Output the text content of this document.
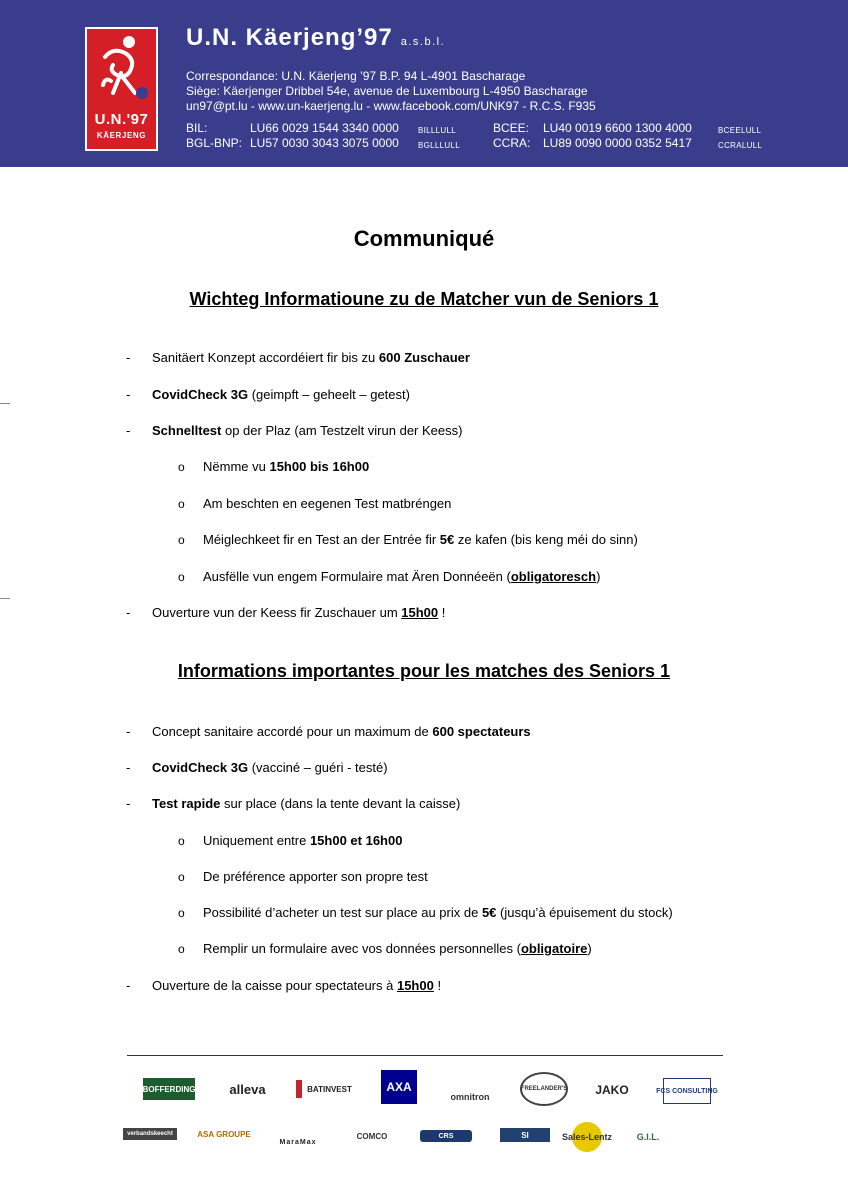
U.N.'97
KÄERJENG
U.N. Käerjeng’97 a.s.b.l.
Correspondance: U.N. Käerjeng ’97 B.P. 94 L-4901 Bascharage
Siège: Käerjenger Dribbel 54e, avenue de Luxembourg L-4950 Bascharage
un97@pt.lu - www.un-kaerjeng.lu - www.facebook.com/UNK97 - R.C.S. F935
BIL:	LU66 0029 1544 3340 0000 BILLLULL
BGL-BNP: LU57 0030 3043 3075 0000 BGLLLULL
BCEE: LU40 0019 6600 1300 4000	BCEELULL
CCRA: LU89 0090 0000 0352 5417	CCRALULL
Communiqué
Wichteg Informatioune zu de Matcher vun de Seniors 1
- Sanitäert Konzept accordéiert fir bis zu 600 Zuschauer
- CovidCheck 3G (geimpft – geheelt – getest)
- Schnelltest op der Plaz (am Testzelt virun der Keess)
o Nëmme vu 15h00 bis 16h00
o Am beschten en eegenen Test matbréngen
o Méiglechkeet fir en Test an der Entrée fir 5€ ze kafen (bis keng méi do sinn)
o Ausfëlle vun engem Formulaire mat Ären Donnéeën (obligatoresch)
- Ouverture vun der Keess fir Zuschauer um 15h00 !
Informations importantes pour les matches des Seniors 1
- Concept sanitaire accordé pour un maximum de 600 spectateurs
- CovidCheck 3G (vacciné – guéri - testé)
- Test rapide sur place (dans la tente devant la caisse)
o Uniquement entre 15h00 et 16h00
o De préférence apporter son propre test
o Possibilité d’acheter un test sur place au prix de 5€ (jusqu’à épuisement du stock)
o Remplir un formulaire avec vos données personnelles (obligatoire)
- Ouverture de la caisse pour spectateurs à 15h00 !
BOFFERDING	alleva	BATINVEST	AXA
omnitron
FREELANDER'S	JAKO	FCS CONSULTING
verbandskeecht	ASA GROUPE
MaraMax
COMCO	CRS	SI	Sales-Lentz	G.I.L.
